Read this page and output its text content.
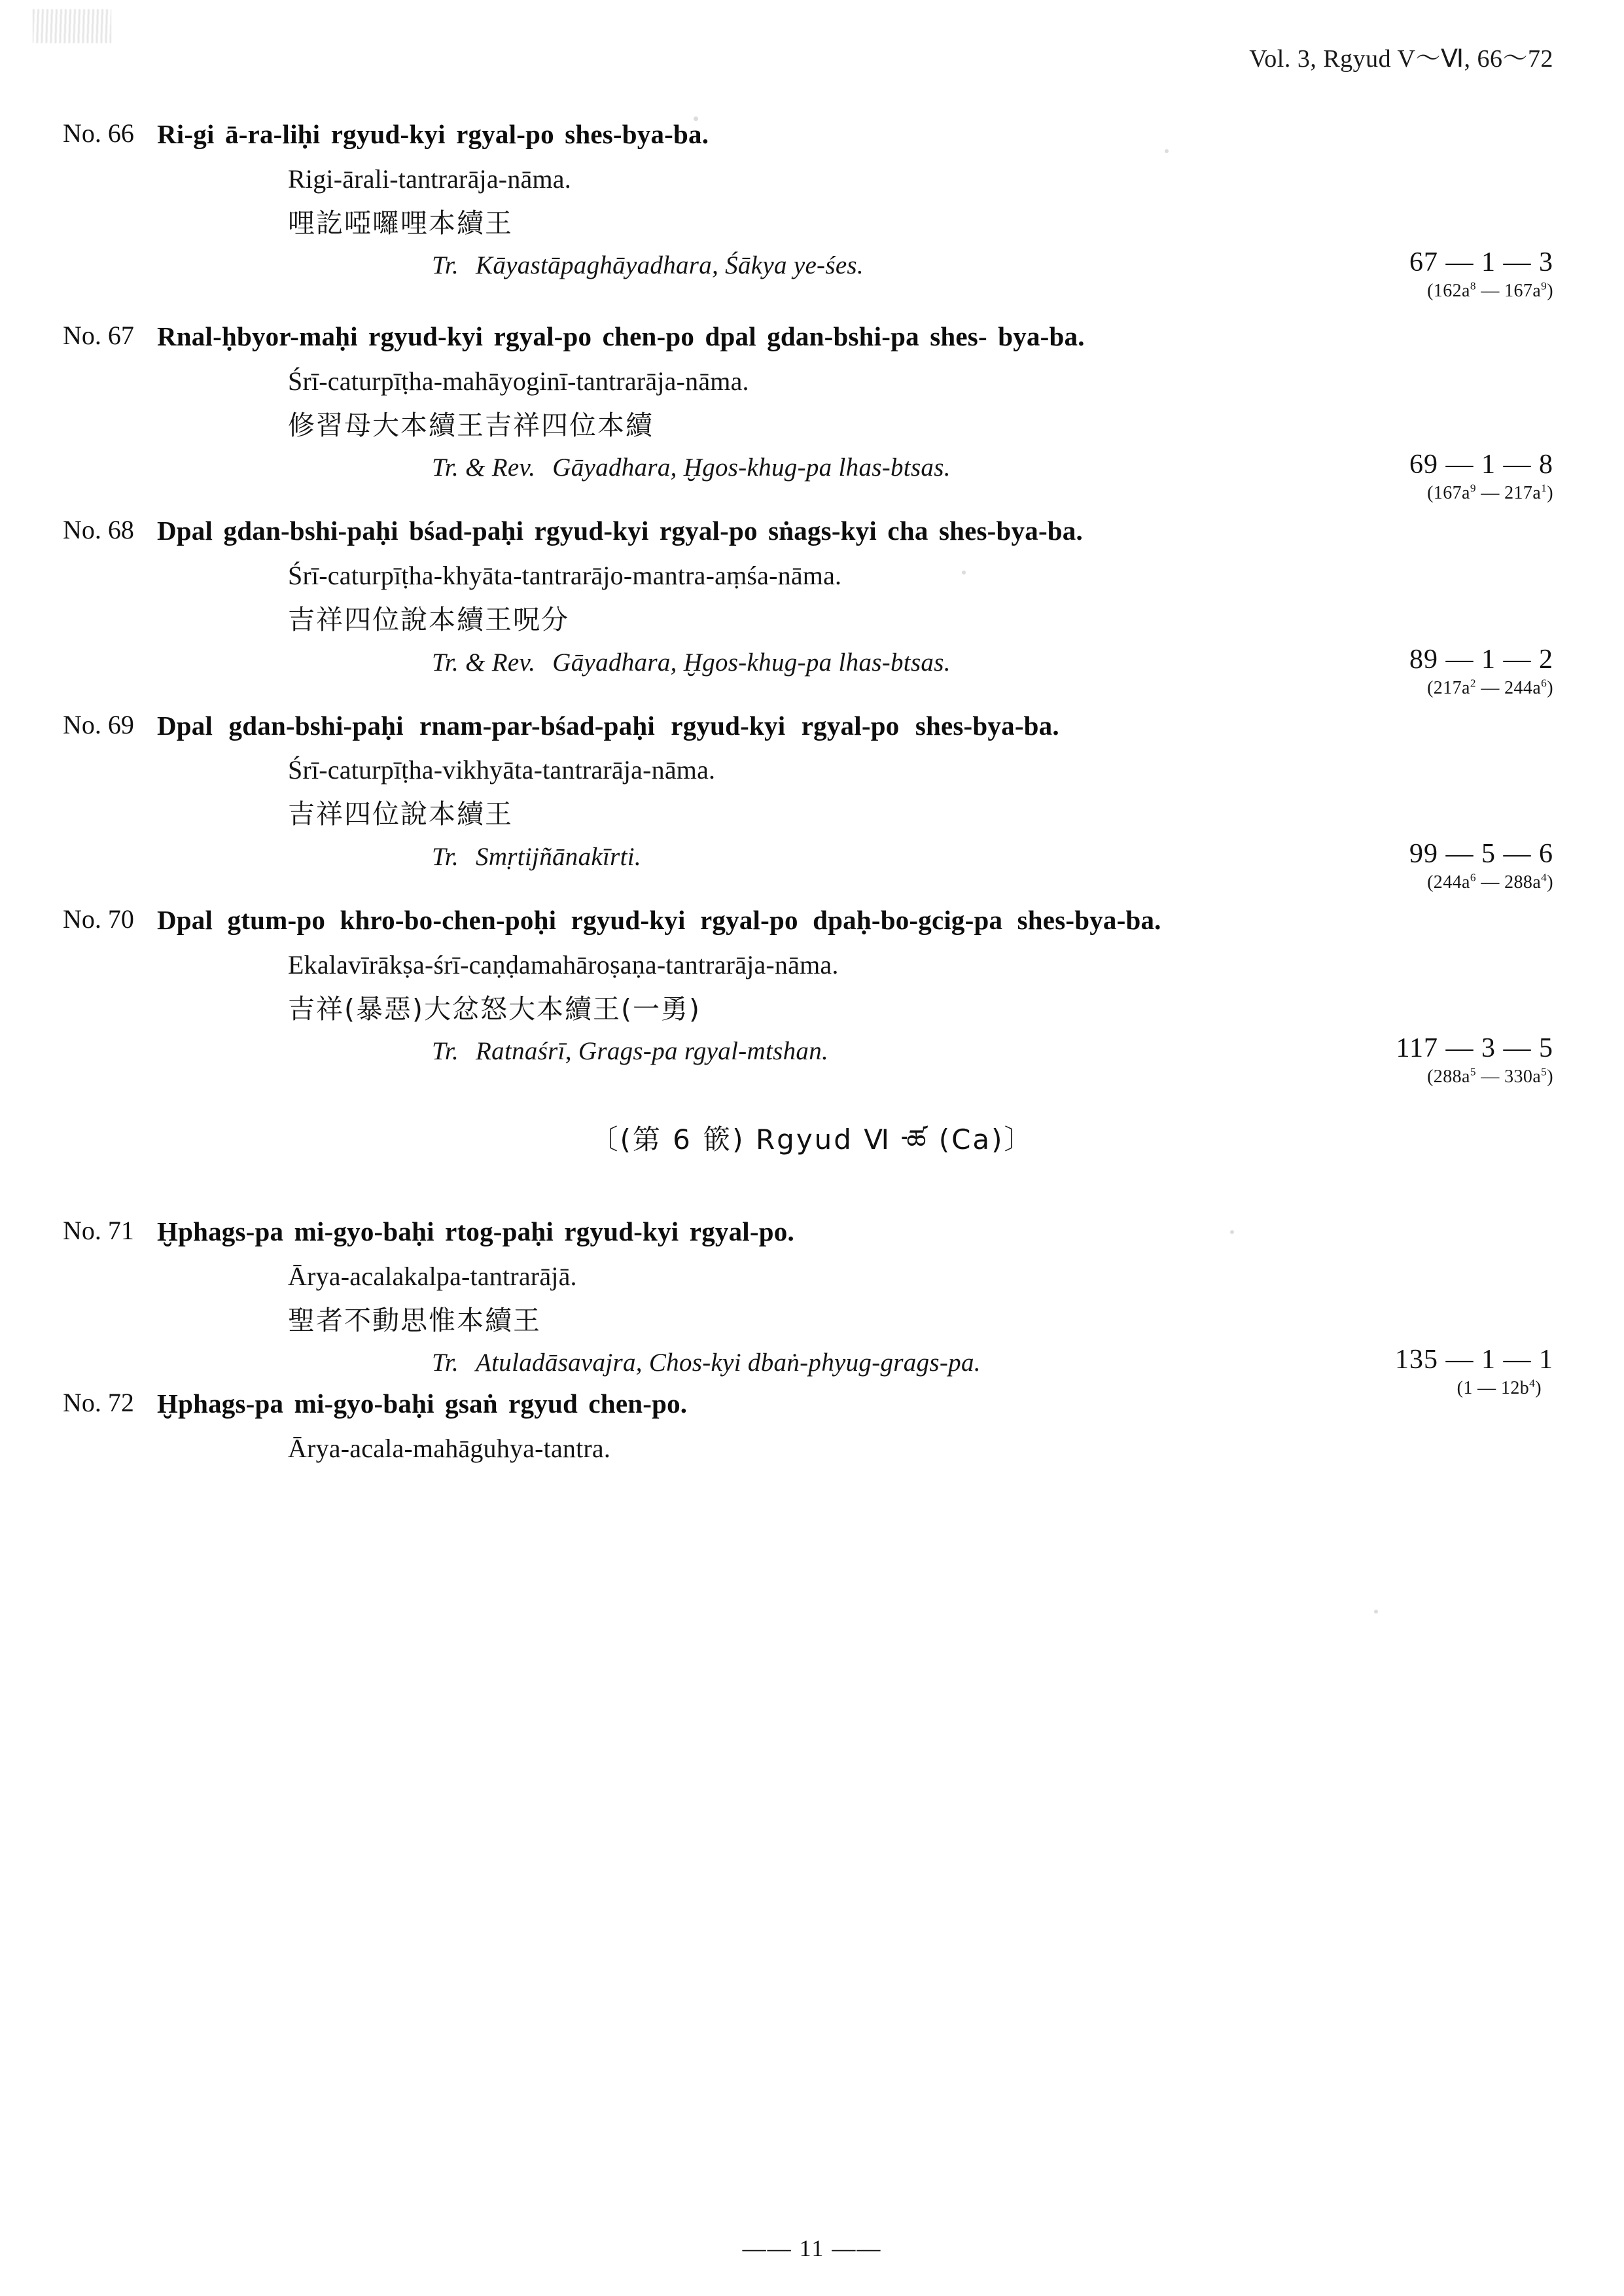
Vol. 3, Rgyud V〜Ⅵ, 66〜72
No. 66 Ri-gi ā-ra-liḥi rgyud-kyi rgyal-po shes-bya-ba.
Rigi-ārali-tantrarāja-nāma.
哩訖啞囉哩本續王
Tr. Kāyastāpaghāyadhara, Śākya ye-śes.	67 — 1 — 3
($162a^8$ — $167a^9$)
No. 67 Rnal-ḥbyor-maḥi rgyud-kyi rgyal-po chen-po dpal gdan-bshi-pa shes- bya-ba.
Śrī-caturpīṭha-mahāyoginī-tantrarāja-nāma.
修習母大本續王吉祥四位本續
Tr. & Rev. Gāyadhara, Ḫgos-khug-pa lhas-btsas.	69 — 1 — 8
($167a^9$ — $217a^1$)
No. 68 Dpal gdan-bshi-paḥi bśad-paḥi rgyud-kyi rgyal-po sṅags-kyi cha shes-bya-ba.
Śrī-caturpīṭha-khyāta-tantrarājo-mantra-aṃśa-nāma.
吉祥四位說本續王呪分
Tr. & Rev. Gāyadhara, Ḫgos-khug-pa lhas-btsas.	89 — 1 — 2
($217a^2$ — $244a^6$)
No. 69 Dpal gdan-bshi-paḥi rnam-par-bśad-paḥi rgyud-kyi rgyal-po shes-bya-ba.
Śrī-caturpīṭha-vikhyāta-tantrarāja-nāma.
吉祥四位說本續王
Tr. Smṛtijñānakīrti.	99 — 5 — 6
($244a^6$ — $288a^4$)
No. 70 Dpal gtum-po khro-bo-chen-poḥi rgyud-kyi rgyal-po dpaḥ-bo-gcig-pa shes-bya-ba.
Ekalavīrākṣa-śrī-caṇḍamahāroṣaṇa-tantrarāja-nāma.
吉祥(暴惡)大忿怒大本續王(一勇)
Tr. Ratnaśrī, Grags-pa rgyal-mtshan.	117 — 3 — 5
($288a^5$ — $330a^5$)
〔(第 6 篏) Rgyud Ⅵ ᠊ཚ (Ca)〕
No. 71 Ḫphags-pa mi-gyo-baḥi rtog-paḥi rgyud-kyi rgyal-po.
Ārya-acalakalpa-tantrarājā.
聖者不動思惟本續王
Tr. Atuladāsavajra, Chos-kyi dbaṅ-phyug-grags-pa.	135 — 1 — 1
(1 — $12b^4$)
No. 72 Ḫphags-pa mi-gyo-baḥi gsaṅ rgyud chen-po.
Ārya-acala-mahāguhya-tantra.
—— 11 ——
